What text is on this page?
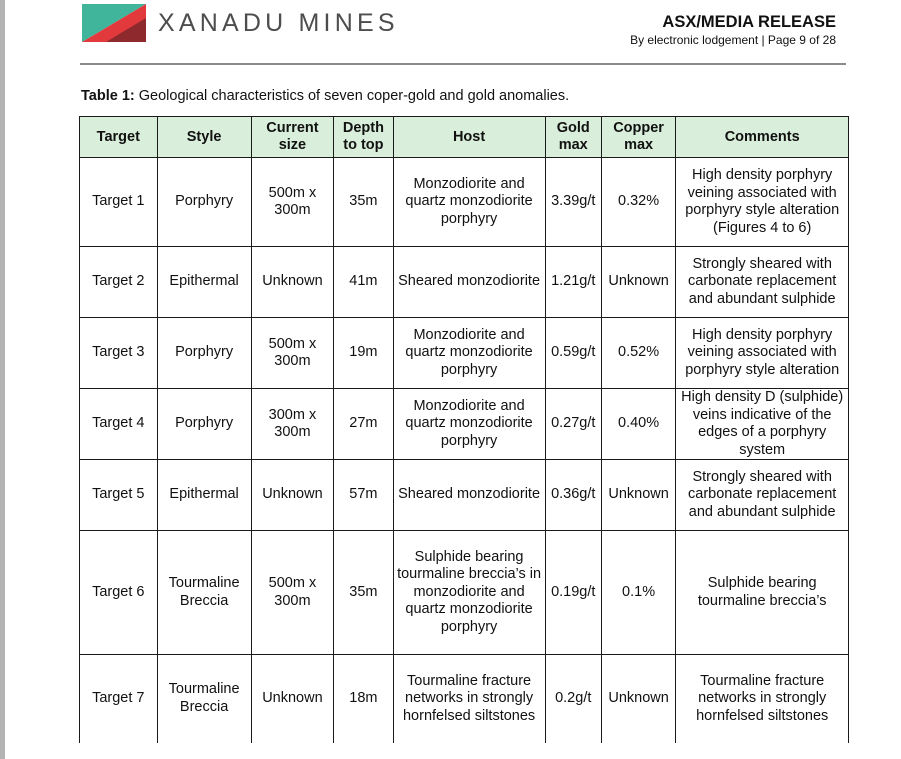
XANADU MINES	ASX/MEDIA RELEASE
By electronic lodgement | Page 9 of 28
Table 1: Geological characteristics of seven coper-gold and gold anomalies.
Target	Style	Current size	Depth to top	Host	Gold max	Copper max	Comments
Target 1	Porphyry	500m x 300m	35m	Monzodiorite and quartz monzodiorite porphyry	3.39g/t	0.32%	High density porphyry veining associated with porphyry style alteration (Figures 4 to 6)
Target 2	Epithermal	Unknown	41m	Sheared monzodiorite	1.21g/t	Unknown	Strongly sheared with carbonate replacement and abundant sulphide
Target 3	Porphyry	500m x 300m	19m	Monzodiorite and quartz monzodiorite porphyry	0.59g/t	0.52%	High density porphyry veining associated with porphyry style alteration
Target 4	Porphyry	300m x 300m	27m	Monzodiorite and quartz monzodiorite porphyry	0.27g/t	0.40%	High density D (sulphide) veins indicative of the edges of a porphyry system
Target 5	Epithermal	Unknown	57m	Sheared monzodiorite	0.36g/t	Unknown	Strongly sheared with carbonate replacement and abundant sulphide
Target 6	Tourmaline Breccia	500m x 300m	35m	Sulphide bearing tourmaline breccia’s in monzodiorite and quartz monzodiorite porphyry	0.19g/t	0.1%	Sulphide bearing tourmaline breccia’s
Target 7	Tourmaline Breccia	Unknown	18m	Tourmaline fracture networks in strongly hornfelsed siltstones	0.2g/t	Unknown	Tourmaline fracture networks in strongly hornfelsed siltstones
